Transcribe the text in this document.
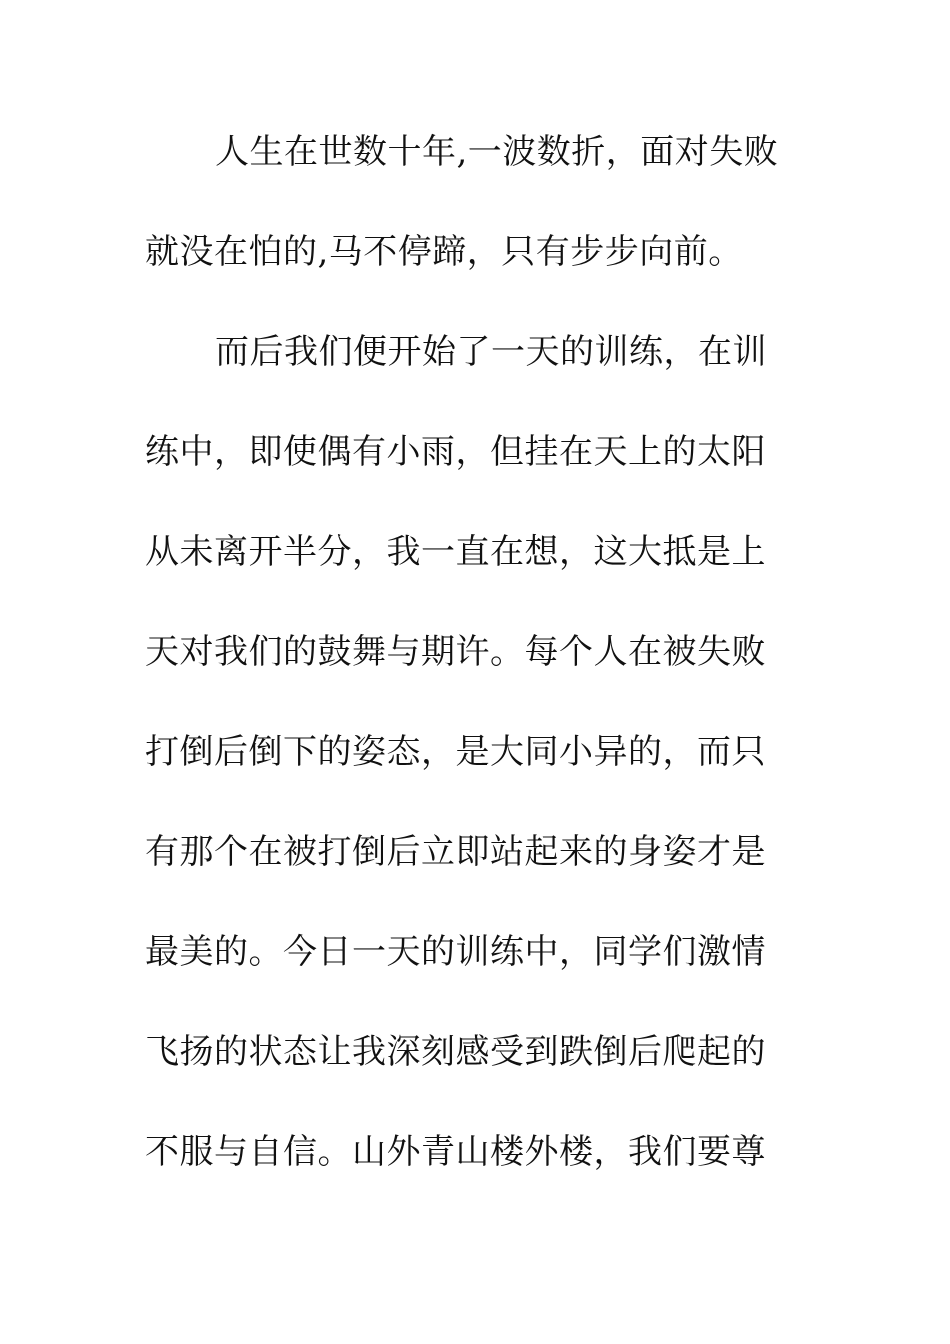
人生在世数十年,一波数折，面对失败
就没在怕的,马不停蹄，只有步步向前。
而后我们便开始了一天的训练，在训
练中，即使偶有小雨，但挂在天上的太阳
从未离开半分，我一直在想，这大抵是上
天对我们的鼓舞与期许。每个人在被失败
打倒后倒下的姿态，是大同小异的，而只
有那个在被打倒后立即站起来的身姿才是
最美的。今日一天的训练中，同学们激情
飞扬的状态让我深刻感受到跌倒后爬起的
不服与自信。山外青山楼外楼，我们要尊
